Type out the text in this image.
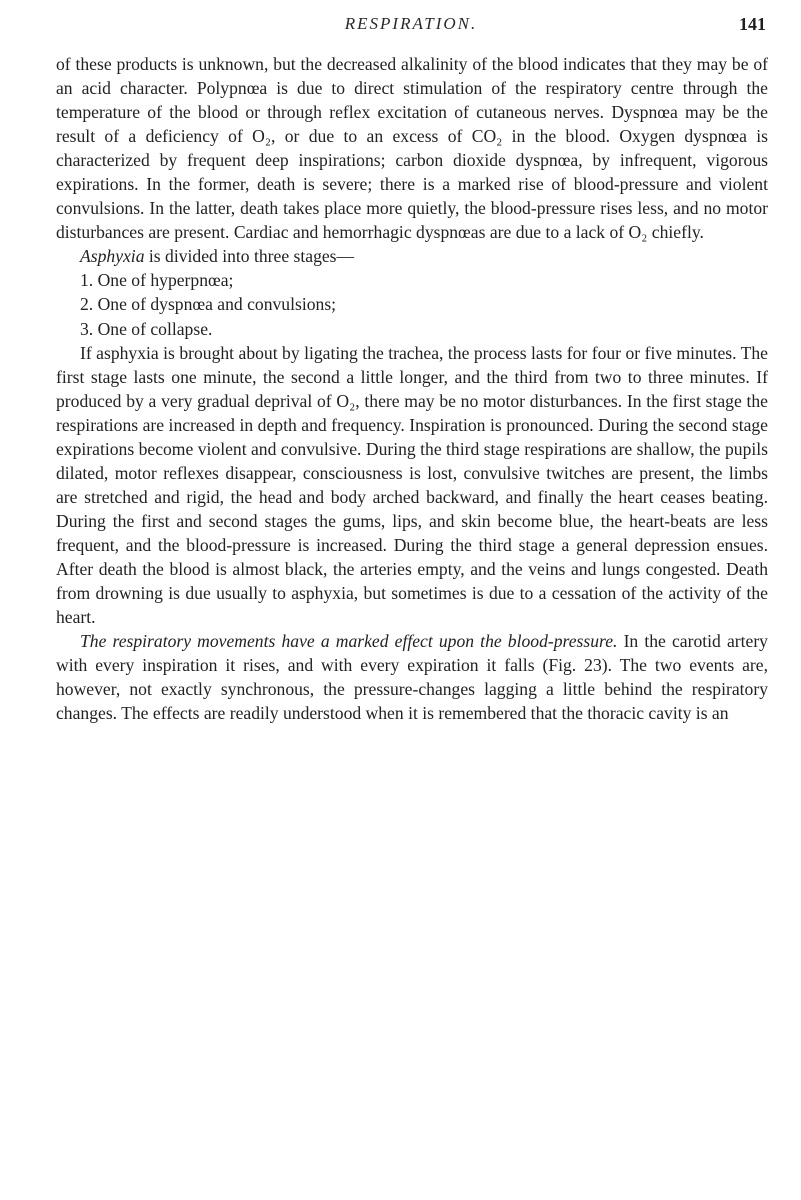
RESPIRATION.	141

of these products is unknown, but the decreased alkalinity of the blood indicates that they may be of an acid character. Polypnœa is due to direct stimulation of the respiratory centre through the temperature of the blood or through reflex excitation of cutaneous nerves. Dyspnœa may be the result of a deficiency of O₂, or due to an excess of CO₂ in the blood. Oxygen dyspnœa is characterized by frequent deep inspirations; carbon dioxide dyspnœa, by infrequent, vigorous expirations. In the former, death is severe; there is a marked rise of blood-pressure and violent convulsions. In the latter, death takes place more quietly, the blood-pressure rises less, and no motor disturbances are present. Cardiac and hemorrhagic dyspnœas are due to a lack of O₂ chiefly.

Asphyxia is divided into three stages—

1. One of hyperpnœa;

2. One of dyspnœa and convulsions;

3. One of collapse.

If asphyxia is brought about by ligating the trachea, the process lasts for four or five minutes. The first stage lasts one minute, the second a little longer, and the third from two to three minutes. If produced by a very gradual deprival of O₂, there may be no motor disturbances. In the first stage the respirations are increased in depth and frequency. Inspiration is pronounced. During the second stage expirations become violent and convulsive. During the third stage respirations are shallow, the pupils dilated, motor reflexes disappear, consciousness is lost, convulsive twitches are present, the limbs are stretched and rigid, the head and body arched backward, and finally the heart ceases beating. During the first and second stages the gums, lips, and skin become blue, the heart-beats are less frequent, and the blood-pressure is increased. During the third stage a general depression ensues. After death the blood is almost black, the arteries empty, and the veins and lungs congested. Death from drowning is due usually to asphyxia, but sometimes is due to a cessation of the activity of the heart.

The respiratory movements have a marked effect upon the blood-pressure. In the carotid artery with every inspiration it rises, and with every expiration it falls (Fig. 23). The two events are, however, not exactly synchronous, the pressure-changes lagging a little behind the respiratory changes. The effects are readily understood when it is remembered that the thoracic cavity is an
